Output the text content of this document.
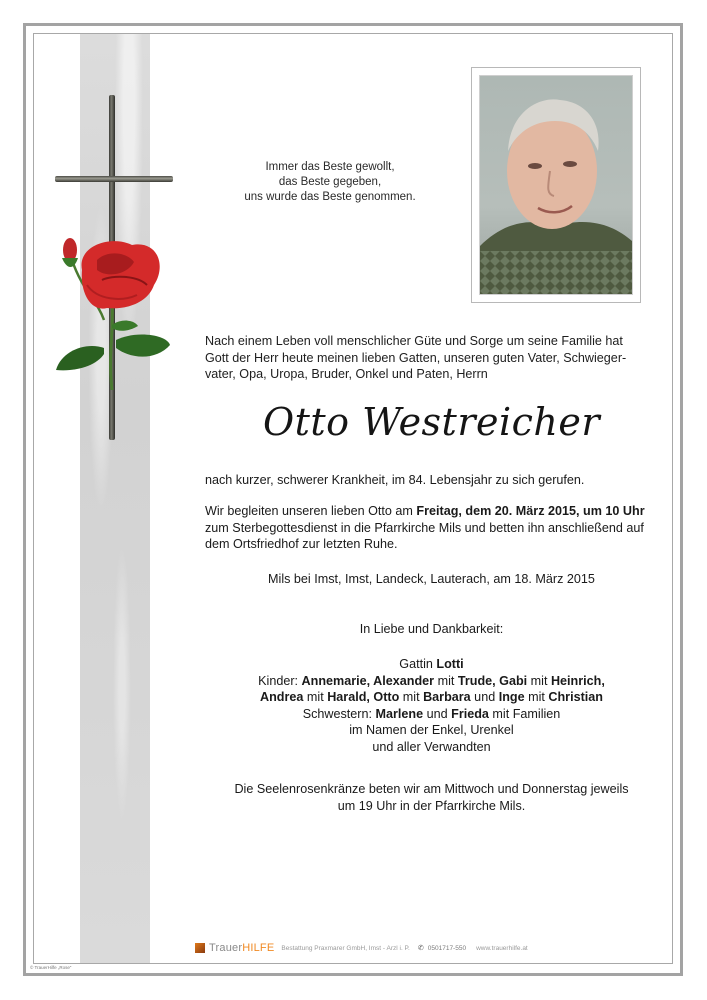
Immer das Beste gewollt,
das Beste gegeben,
uns wurde das Beste genommen.
Nach einem Leben voll menschlicher Güte und Sorge um seine Familie hat
Gott der Herr heute meinen lieben Gatten, unseren guten Vater, Schwieger-
vater, Opa, Uropa, Bruder, Onkel und Paten, Herrn
Otto Westreicher
nach kurzer, schwerer Krankheit, im 84. Lebensjahr zu sich gerufen.
Wir begleiten unseren lieben Otto am Freitag, dem 20. März 2015, um 10 Uhr
zum Sterbegottesdienst in die Pfarrkirche Mils und betten ihn anschließend auf
dem Ortsfriedhof zur letzten Ruhe.
Mils bei Imst, Imst, Landeck, Lauterach, am 18. März 2015
In Liebe und Dankbarkeit:
Gattin Lotti
Kinder: Annemarie, Alexander mit Trude, Gabi mit Heinrich,
Andrea mit Harald, Otto mit Barbara und Inge mit Christian
Schwestern: Marlene und Frieda mit Familien
im Namen der Enkel, Urenkel
und aller Verwandten
Die Seelenrosenkränze beten wir am Mittwoch und Donnerstag jeweils
um 19 Uhr in der Pfarrkirche Mils.
TrauerHILFE Bestattung Praxmarer GmbH, Imst - Arzl i. P. ✆ 0501717-550 www.trauerhilfe.at
© TrauerHilfe „Rose“
